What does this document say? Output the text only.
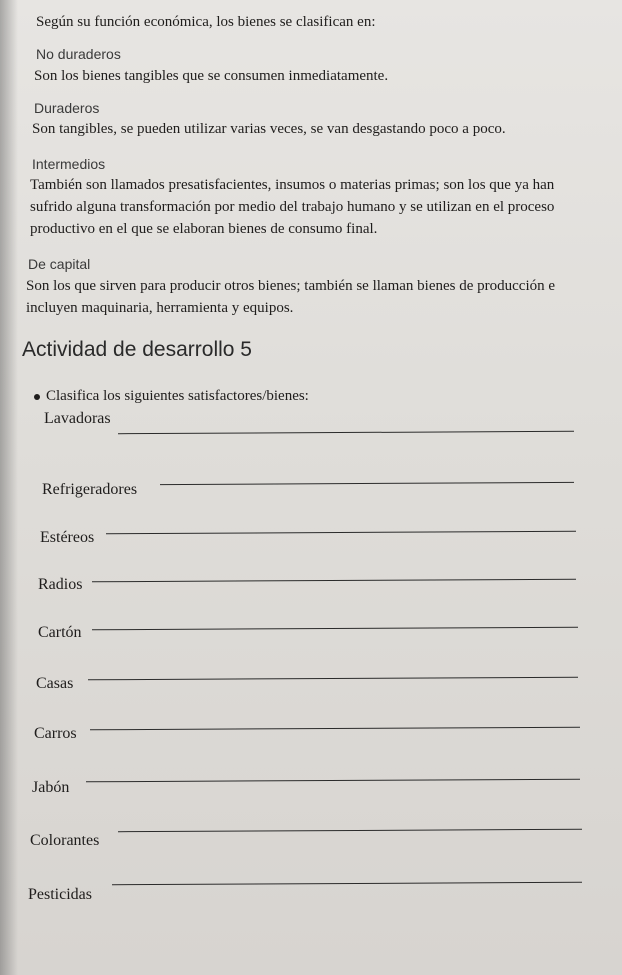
Según su función económica, los bienes se clasifican en:
No duraderos
Son los bienes tangibles que se consumen inmediatamente.
Duraderos
Son tangibles, se pueden utilizar varias veces, se van desgastando poco a poco.
Intermedios
También son llamados presatisfacientes, insumos o materias primas; son los que ya han sufrido alguna transformación por medio del trabajo humano y se utilizan en el proceso productivo en el que se elaboran bienes de consumo final.
De capital
Son los que sirven para producir otros bienes; también se llaman bienes de producción e incluyen maquinaria, herramienta y equipos.
Actividad de desarrollo 5
Clasifica los siguientes satisfactores/bienes:
Lavadoras
Refrigeradores
Estéreos
Radios
Cartón
Casas
Carros
Jabón
Colorantes
Pesticidas
